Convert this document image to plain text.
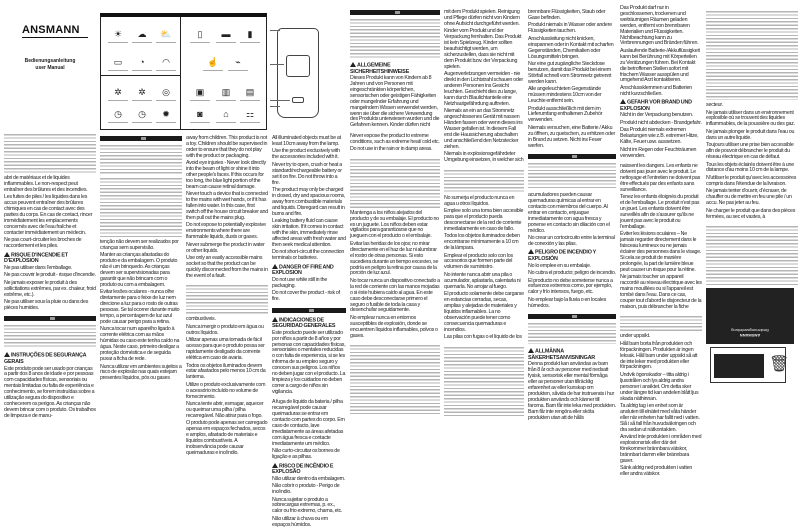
☀	☁ ⛅
▭	◔	◠
✲	✲	◎
◷	◷	✹
▯	▬	▮
☝	⌁
▣	▥	▤
◙	⌂	⚏
ANSMANN
Bedienungsanleitung
user Manual

abri de matériaux et de liquides inflammables. Le non-respect peut entraîner des brûlures et des incendies.

Les fuites de piles / les liquides dans les accus peuvent entraîner des brûlures chimiques en cas de contact avec des parties du corps. En cas de contact, rincer immédiatement les emplacements concernés avec de l'eau fraîche et contacter immédiatement un médecin.

Ne pas court-circuiter les broches de raccordement et les piles.

RISQUE D'INCENDIE ET D'EXPLOSION

Ne pas utiliser dans l'emballage.

Ne pas couvrir le produit - risque d'incendie.

Ne jamais exposer le produit à des sollicitations extrêmes, par ex. chaleur, froid extrême, etc.).

Ne pas utiliser sous la pluie ou dans des pièces humides.

INSTRUÇÕES DE SEGURANÇA GERAIS

Este produto pode ser usado por crianças a partir dos 8 anos de idade e por pessoas com capacidades físicas, sensoriais ou mentais limitadas ou falta de experiência e conhecimento, se forem instruídas sobre a utilização segura do dispositivo e conhecerem os perigos. As crianças não devem brincar com o produto. Os trabalhos de limpeza e de manu-

tenção não devem ser realizados por crianças sem supervisão.

Manter as crianças afastadas do produto e da embalagem. O produto não é um brinquedo. As crianças devem ser supervisionadas para garantir que não brincam com o produto ou com a embalagem.

Evitar lesões oculares - nunca olhe diretamente para o feixe de luz nem direcione a luz para o rosto de outras pessoas. Se tal ocorrer durante muito tempo, a percentagem de luz azul pode causar perigo para a retina.

Nunca tocar num aparelho ligado à corrente elétrica com as mãos húmidas ou caso este tenha caído na água. Neste caso, primeiro desligar a proteção doméstica e de seguida puxar a ficha de rede.

Nunca utilizar em ambientes sujeitos a risco de explosão nas quais estejam presentes líquidos, pós ou gases

away from children. This product is not a toy. Children should be supervised in order to ensure that they do not play with the product or packaging.

Avoid eye injuries - Never look directly into the beam of light or shine it into other people's faces. If this occurs for too long, the blue light portion of the beam can cause retinal damage.

Never touch a device that is connected to the mains with wet hands, or if it has fallen into water. In this case, first switch off the house circuit breaker and then pull out the mains plug.

Do not expose to potentially explosive environments where there are flammable liquids, dusts or gases.

Never submerge the product in water or other liquids.

Use only an easily accessible mains socket so that the product can be quickly disconnected from the mains in the event of a fault.

combustíveis.

Nunca imergir o produto em água ou outros líquidos.

Utilizar apenas uma tomada de fácil acesso para que o produto possa ser rapidamente desligado da corrente elétrica em caso de avaria.

Todos os objetos iluminados devem estar afastados pelo menos 10 cm da lanterna.

Utilize o produto exclusivamente com o acessório incluído no volume de fornecimento.

Nunca tente abrir, esmagar, aquecer ou queimar uma pilha / pilha recarregável. Não atirar para o fogo.

O produto pode apenas ser carregado apenas em espaços fechados, secos e amplos, afastado de materiais e líquidos combustíveis. A inobservância pode causar queimaduras e incêndio.

All illuminated objects must be at least 10cm away from the lamp.

Use the product exclusively with the accessories included with it.

Never try to open, crush or heat a standard/rechargeable battery or set it on fire. Do not throw into a fire.

The product may only be charged in closed, dry and spacious rooms, away from combustible materials and liquids. Disregard can result in burns and fire.

Leaking battery fluid can cause skin irritation. If it comes in contact with the skin, immediately rinse affected areas with fresh water and then seek medical attention.

Do not short-circuit the connection terminals or batteries.

DANGER OF FIRE AND EXPLOSION

Do not use while still in the packaging.

Do not cover the product - risk of fire.

INDICACIONES DE SEGURIDAD GENERALES

Este producto puede ser utilizado por niños a partir de 8 años y por personas con capacidades físicas, sensoriales o mentales reducidas o con falta de experiencia, si se les informa de su empleo seguro y conocen sus peligros. Los niños no deben jugar con el producto. La limpieza y los cuidados no deben correr a cargo de niños sin vigilancia.

A fuga de líquido da bateria / pilha recarregável pode causar queimaduras se entrar em contacto com partes do corpo. Em caso de contacto, lave imediatamente as áreas afetadas com água fresca e contacte imediatamente um médico.

Não curto-circuitar os bornes de ligação e as pilhas.

RISCO DE INCÊNDIO E EXPLOSÃO

Não utilizar dentro da embalagem.

Não cobrir o produto - Perigo de incêndio.

Nunca sujeitar o produto a sobrecargas extremas, p. ex., calor ou frio extremo, chama, etc.

Não utilizar à chuva ou em espaços húmidos.

ALLGEMEINE SICHERHEITSHINWEISE

Dieses Produkt kann von Kindern ab 8 Jahren und von Personen mit eingeschränkten körperlichen, sensorischen oder geistigen Fähigkeiten oder mangelnder Erfahrung und mangelndem Wissen verwendet werden, wenn sie über die sichere Verwendung des Produkts unterwiesen wurden und die Gefahren kennen. Kinder dürfen nicht

Never expose the product to extreme conditions, such as extreme heat/ cold etc.

Do not use in the rain or in damp areas.

Mantenga a los niños alejados del producto y de su embalaje. El producto no es un juguete. Los niños deben estar vigilados para garantizarse que no jueguen con el producto o el embalaje.

Evitar las heridas de los ojos; no mirar directamente en el haz de luz ni alumbrar el rostro de otras personas. Si esto sucediera durante un tiempo excesivo, se podría en peligro la retina por causa de la porción de luz azul.

No tocar nunca un dispositivo conectado a la red de corriente con las manos mojadas o si éste hubiera caído al agua. En este caso debe desconectarse primero el seguro o fusible de toda la casa y desenchufar seguidamente.

No emplear nunca en entornos susceptibles de explosión, donde se encuentren líquidos inflamables, polvos o gases.

mit dem Produkt spielen. Reinigung und Pflege dürfen nicht von Kindern ohne Aufsicht durchgeführt werden.

Kinder vom Produkt und der Verpackung fernhalten. Das Produkt ist kein Spielzeug. Kinder sollten beaufsichtigt werden, um sicherzustellen, dass sie nicht mit dem Produkt bzw. der Verpackung spielen.

Augenverletzungen vermeiden - nie direkt in den Lichtstrahl schauen oder anderen Personen ins Gesicht leuchten. Geschieht dies zu lange, kann durch Blaulichtanteile eine Netzhautgefährdung auftreten.

Niemals an ein an das Stromnetz angeschlossenes Gerät mit nassen Händen fassen oder wenn dieses ins Wasser gefallen ist. In diesem Fall erst die Haussicherung abschalten und anschließend den Netzstecker ziehen.

Niemals in explosionsgefährdeter Umgebung einsetzen, in welcher sich

No sumerja el producto nunca en agua u otros líquidos.

Emplee solo una toma bien accesible para que el producto pueda desconectarse de la red de corriente inmediatamente en caso de fallo.

Todos los objetos iluminados deben encontrarse mínimamente a 10 cm de la lámpara.

Emplear el producto solo con los accesorios que formen parte del volumen de suministro.

No intente nunca abrir una pila o acumulador, aplastarla, calentarla ni quemarla. No arrojar al fuego.

El producto solamente debe cargarse en estancias cerradas, secas, amplias y alejadas de materiales y líquidos inflamables. La no observación puede tener como consecuencia quemaduras e incendios.

Las pilas con fugas o el líquido de los

brennbare Flüssigkeiten, Staub oder Gase befinden.

Produkt niemals in Wasser oder andere Flüssigkeiten tauchen.

Anschlussleitung nicht knicken, einspannen oder in Kontakt mit scharfen Gegenständen, Chemikalien oder Lösungsmitteln bringen.

Nur eine gut zugängliche Steckdose benutzen, damit das Produkt bei einem Störfall schnell vom Stromnetz getrennt werden kann.

Alle angeleuchteten Gegenstände müssen mindestens 10cm von der Leuchte entfernt sein.

Produkt ausschließlich mit dem im Lieferumfang enthaltenen Zubehör verwenden.

Niemals versuchen, eine Batterie / Akku zu öffnen, zu quetschen, zu erhitzen oder in Brand zu setzen. Nicht ins Feuer werfen.

acumuladores pueden causar quemaduras químicas al entrar en contacto con miembros del cuerpo. Al entrar en contacto, enjuague inmediatamente con agua fresca y ponerse en contacto sin dilación con el médico.

No crear un cortocircuito entre la terminal de conexión y las pilas.

PELIGRO DE INCENDIO Y EXPLOSIÓN

No lo emplee en su embalaje.

No cubra el producto; peligro de incendio.

El producto no debe someterse nunca a esfuerzos extremos como, por ejemplo, calor y frío intensos, fuego, etc.

No emplear bajo la lluvia o en locales húmedos.

ALLMÄNNA SÄKERHETSANVISNINGAR

Denna produkt kan användas av barn från 8 år och av personer med nedsatt fysisk, sensorisk eller mental förmåga eller av personer utan tillräcklig erfarenhet av eller kunskap om produkten, såvida de har instruerats i hur produkten används och känner till farorna. Barn får inte leka med produkten. Barn får inte rengöra eller sköta produkten utan att de hålls

Das Produkt darf nur in geschlossenen, trockenen und weiträumigen Räumen geladen werden, entfernt von brennbaren Materialien und Flüssigkeiten. Nichtbeachtung kann zu Verbrennungen und Bränden führen.

Auslaufende Batterie-/Akkuflüssigkeit kann bei Berührung mit Körperteilen zu Verätzungen führen. Bei Kontakt die betroffenen Stellen sofort mit frischem Wasser ausspülen und umgehend Arzt kontaktieren.

Anschlussklemmen und Batterien nicht kurzschließen.

GEFAHR VOR BRAND UND EXPLOSION

Nicht in der Verpackung benutzen.

Produkt nicht abdecken - Brandgefahr.

Das Produkt niemals extremen Belastungen wie z.B. extremer Hitze, Kälte, Feuer usw. aussetzen.

Nicht im Regen oder Feuchträumen verwenden.

naissent les dangers. Les enfants ne doivent pas jouer avec le produit. Le nettoyage et l'entretien ne doivent pas être effectués par des enfants sans surveillance.

Tenez les enfants éloignés du produit et de l'emballage. Le produit n'est pas un jouet. Les enfants doivent être surveillés afin de s'assurer qu'ils ne jouent pas avec le produit ou l'emballage.

Éviter les lésions oculaires – Ne jamais regarder directement dans le faisceau lumineux ou ne jamais éclairer des personnes dans le visage. Si cela se produit de manière prolongée, la part de lumière bleue peut causer un risque pour la rétine.

Ne jamais toucher un appareil raccordé au réseau électrique avec les mains mouillées ou si l'appareil est tombé dans l'eau. Dans ce cas, couper tout d'abord le disjoncteur de la maison, puis débrancher la fiche

under uppsikt.

Håll barn borta från produkten och förpackningen. Produkten är ingen leksak. Håll barn under uppsikt så att de inte leker med produkten eller förpackningen.

Undvik ögonskador – titta aldrig i ljusstrålen och lys aldrig andra personer i ansiktet. Om detta sker under längre tid kan andelen blått ljus skada näthinnan.

Ta aldrig tag i en enhet som är ansluten till elnätet med våta händer eller när enheten har fallit ned i vatten. Slå i så fall från huvudsäkringen och dra sedan ut nätkontakten.

Använd inte produkten i områden med explosionsrisk eller där det förekommer brännbara vätskor, brännbart damm eller brännbara gaser.

Sänk aldrig ned produkten i vatten eller andra vätskor.

secteur.

Ne jamais utiliser dans un environnement explosible où se trouvent des liquides inflammables, de la poussière ou des gaz.

Ne jamais plonger le produit dans l'eau ou dans un autre liquide.

Toujours utiliser une prise bien accessible afin de pouvoir débrancher le produit du réseau électrique en cas de défaut.

Tous les objets éclairés doivent être à une distance d'au moins 10 cm de la lampe.

N'utiliser le produit qu'avec les accessoires compris dans l'étendue de la livraison.

Ne jamais tenter d'ouvrir, d'écraser, de chauffer ou de mettre en feu une pile / un accu. Ne pas jeter au feu.

Ne charger le produit que dans des pièces fermées, au sec et vastes, à

ANSMANN
Bedienungsanleitung
🗑
